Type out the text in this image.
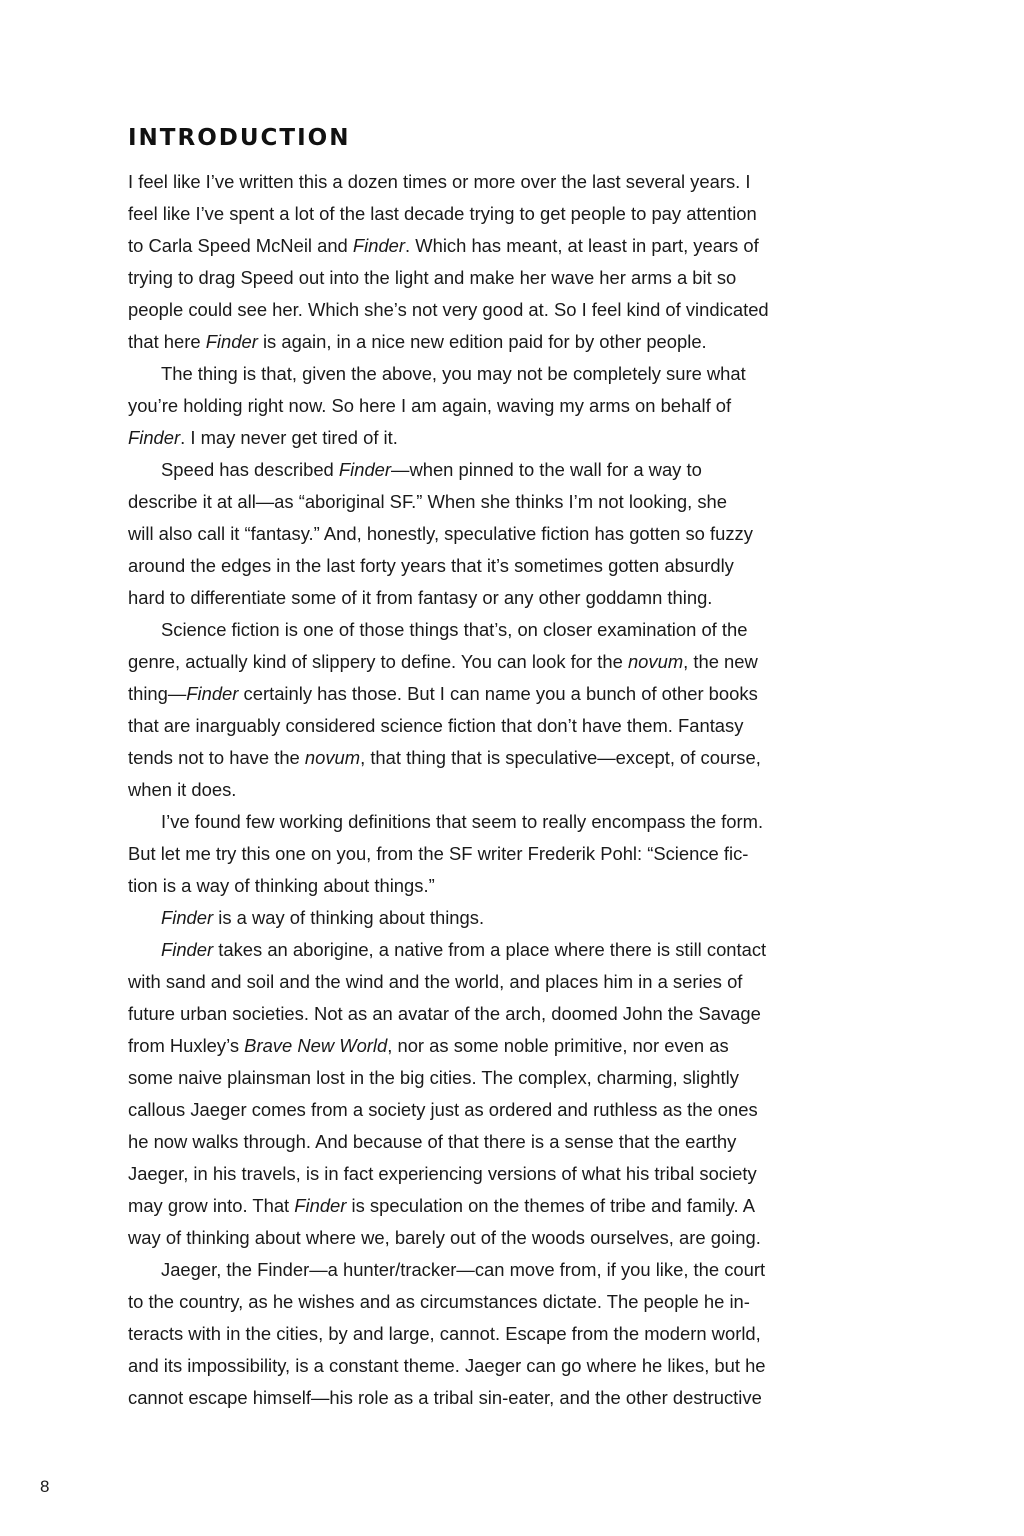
INTRODUCTION
I feel like I’ve written this a dozen times or more over the last several years. I
feel like I’ve spent a lot of the last decade trying to get people to pay attention
to Carla Speed McNeil and Finder. Which has meant, at least in part, years of
trying to drag Speed out into the light and make her wave her arms a bit so
people could see her. Which she’s not very good at. So I feel kind of vindicated
that here Finder is again, in a nice new edition paid for by other people.
The thing is that, given the above, you may not be completely sure what
you’re holding right now. So here I am again, waving my arms on behalf of
Finder. I may never get tired of it.
Speed has described Finder—when pinned to the wall for a way to
describe it at all—as “aboriginal SF.” When she thinks I’m not looking, she
will also call it “fantasy.” And, honestly, speculative fiction has gotten so fuzzy
around the edges in the last forty years that it’s sometimes gotten absurdly
hard to differentiate some of it from fantasy or any other goddamn thing.
Science fiction is one of those things that’s, on closer examination of the
genre, actually kind of slippery to define. You can look for the novum, the new
thing—Finder certainly has those. But I can name you a bunch of other books
that are inarguably considered science fiction that don’t have them. Fantasy
tends not to have the novum, that thing that is speculative—except, of course,
when it does.
I’ve found few working definitions that seem to really encompass the form.
But let me try this one on you, from the SF writer Frederik Pohl: “Science fic-
tion is a way of thinking about things.”
Finder is a way of thinking about things.
Finder takes an aborigine, a native from a place where there is still contact
with sand and soil and the wind and the world, and places him in a series of
future urban societies. Not as an avatar of the arch, doomed John the Savage
from Huxley’s Brave New World, nor as some noble primitive, nor even as
some naive plainsman lost in the big cities. The complex, charming, slightly
callous Jaeger comes from a society just as ordered and ruthless as the ones
he now walks through. And because of that there is a sense that the earthy
Jaeger, in his travels, is in fact experiencing versions of what his tribal society
may grow into. That Finder is speculation on the themes of tribe and family. A
way of thinking about where we, barely out of the woods ourselves, are going.
Jaeger, the Finder—a hunter/tracker—can move from, if you like, the court
to the country, as he wishes and as circumstances dictate. The people he in-
teracts with in the cities, by and large, cannot. Escape from the modern world,
and its impossibility, is a constant theme. Jaeger can go where he likes, but he
cannot escape himself—his role as a tribal sin-eater, and the other destructive
8
